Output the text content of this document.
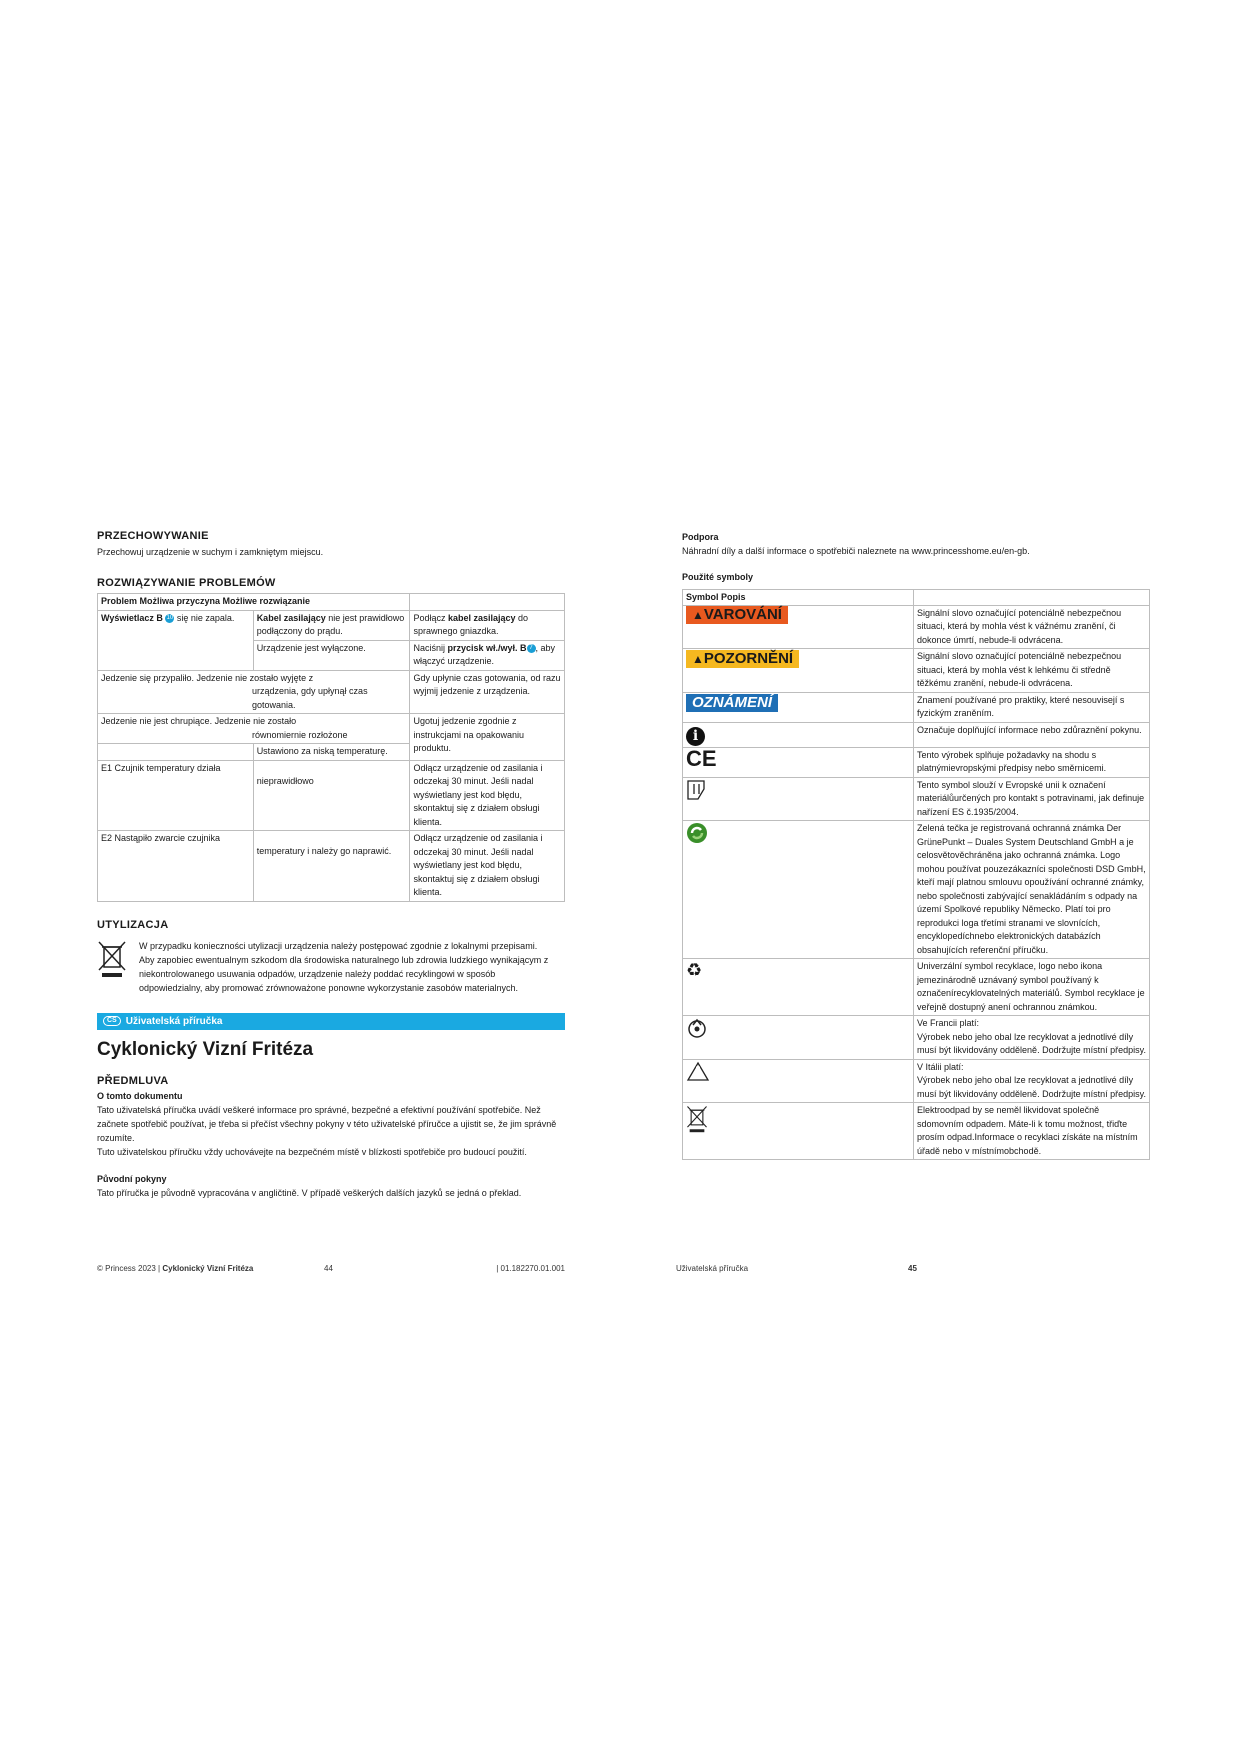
PRZECHOWYWANIE

Przechowuj urządzenie w suchym i zamkniętym miejscu.

ROZWIĄZYWANIE PROBLEMÓW
Problem Możliwa przyczyna Możliwe rozwiązanie		
Wyświetlacz B 10 się nie zapala.	Kabel zasilający nie jest prawidłowo podłączony do prądu.	Podłącz kabel zasilający do sprawnego gniazdka.
	Urządzenie jest wyłączone.	Naciśnij przycisk wł./wył. B 7 , aby włączyć urządzenie.

Jedzenie się przypaliło. Jedzenie nie zostało wyjęte z
urządzenia, gdy upłynął czas gotowania.		Gdy upłynie czas gotowania, od razu wyjmij jedzenie z urządzenia.

Jedzenie nie jest chrupiące. Jedzenie nie zostało
równomiernie rozłożone		Ugotuj jedzenie zgodnie z instrukcjami na opakowaniu produktu.
	Ustawiono za niską temperaturę.	
E1 Czujnik temperatury działa	nieprawidłowo	Odłącz urządzenie od zasilania i odczekaj 30 minut. Jeśli nadal wyświetlany jest kod błędu, skontaktuj się z działem obsługi klienta.
E2 Nastąpiło zwarcie czujnika	temperatury i należy go naprawić.	Odłącz urządzenie od zasilania i odczekaj 30 minut. Jeśli nadal wyświetlany jest kod błędu, skontaktuj się z działem obsługi klienta.
UTYLIZACJA

W przypadku konieczności utylizacji urządzenia należy postępować zgodnie z lokalnymi przepisami. Aby zapobiec ewentualnym szkodom dla środowiska naturalnego lub zdrowia ludzkiego wynikającym z niekontrolowanego usuwania odpadów, urządzenie należy poddać recyklingowi w sposób odpowiedzialny, aby promować zrównoważone ponowne wykorzystanie zasobów materialnych.

CS Uživatelská příručka
Cyklonický Vizní Fritéza
PŘEDMLUVA

O tomto dokumentu

Tato uživatelská příručka uvádí veškeré informace pro správné, bezpečné a efektivní používání spotřebiče. Než začnete spotřebič používat, je třeba si přečíst všechny pokyny v této uživatelské příručce a ujistit se, že jim správně rozumíte.

Tuto uživatelskou příručku vždy uchovávejte na bezpečném místě v blízkosti spotřebiče pro budoucí použití.

Původní pokyny

Tato příručka je původně vypracována v angličtině. V případě veškerých dalších jazyků se jedná o překlad.

© Princess 2023 | Cyklonický Vizní Fritéza	44	| 01.182270.01.001

Podpora

Náhradní díly a další informace o spotřebiči naleznete na www.princesshome.eu/en-gb.

Použité symboly

Symbol Popis	
▲VAROVÁNÍ	Signální slovo označující potenciálně nebezpečnou situaci, která by mohla vést k vážnému zranění, či dokonce úmrtí, nebude-li odvrácena.
▲POZORNĚNÍ	Signální slovo označující potenciálně nebezpečnou situaci, která by mohla vést k lehkému či středně těžkému zranění, nebude-li odvrácena.
OZNÁMENÍ	Znamení používané pro praktiky, které nesouvisejí s fyzickým zraněním.
i	Označuje doplňující informace nebo zdůraznění pokynu.
CE	Tento výrobek splňuje požadavky na shodu s platnýmievropskými předpisy nebo směrnicemi.
	Tento symbol slouží v Evropské unii k označení materiálůurčených pro kontakt s potravinami, jak definuje nařízení ES č.1935/2004.
	Zelená tečka je registrovaná ochranná známka Der GrünePunkt – Duales System Deutschland GmbH a je celosvětověchráněna jako ochranná známka. Logo mohou používat pouzezákazníci společnosti DSD GmbH, kteří mají platnou smlouvu opoužívání ochranné známky, nebo společnosti zabývající senakládáním s odpady na území Spolkové republiky Německo. Platí toi pro reprodukci loga třetími stranami ve slovnících, encyklopedíchnebo elektronických databázích obsahujících referenční příručku.
♻	Univerzální symbol recyklace, logo nebo ikona jemezinárodně uznávaný symbol používaný k označenírecyklovatelných materiálů. Symbol recyklace je veřejně dostupný anení ochrannou známkou.
	Ve Francii platí:
Výrobek nebo jeho obal lze recyklovat a jednotlivé díly musí být likvidovány odděleně. Dodržujte místní předpisy.
	V Itálii platí:
Výrobek nebo jeho obal lze recyklovat a jednotlivé díly musí být likvidovány odděleně. Dodržujte místní předpisy.
	Elektroodpad by se neměl likvidovat společně sdomovním odpadem. Máte-li k tomu možnost, třiďte prosím odpad.Informace o recyklaci získáte na místním úřadě nebo v místnímobchodě.
Uživatelská příručka	45
